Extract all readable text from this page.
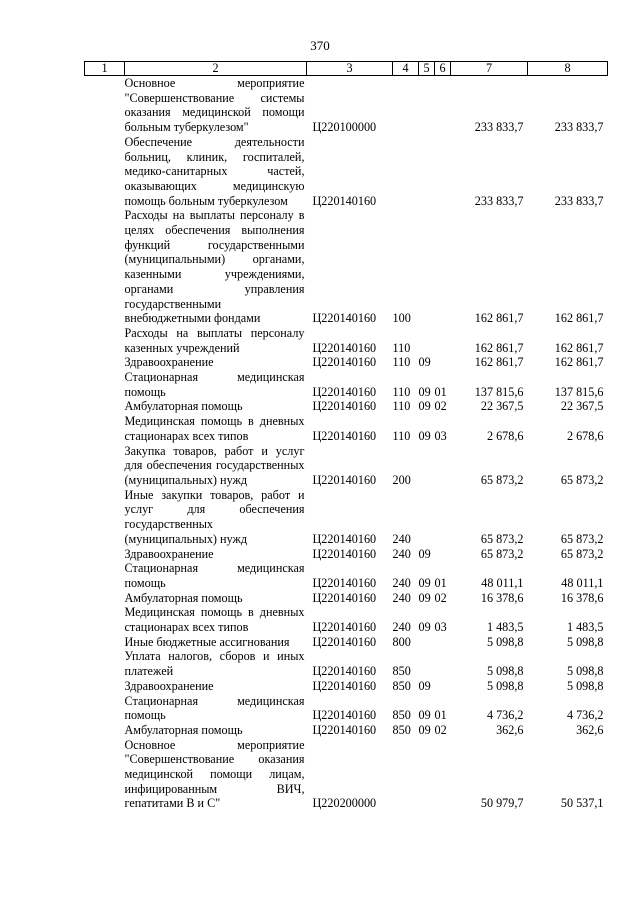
370
1	2	3	4	5	6	7	8
Основное мероприятие "Совершенствование системы оказания медицинской помощи больным туберкулезом"		Ц220100000				233 833,7	233 833,7
Обеспечение деятельности больниц, клиник, госпиталей, медико-санитарных частей, оказывающих медицинскую помощь больным туберкулезом		Ц220140160				233 833,7	233 833,7
Расходы на выплаты персоналу в целях обеспечения выполнения функций государственными (муниципальными) органами, казенными учреждениями, органами управления государственными внебюджетными фондами		Ц220140160	100			162 861,7	162 861,7
Расходы на выплаты персоналу казенных учреждений		Ц220140160	110			162 861,7	162 861,7
Здравоохранение		Ц220140160	110	09		162 861,7	162 861,7
Стационарная медицинская помощь		Ц220140160	110	09	01	137 815,6	137 815,6
Амбулаторная помощь		Ц220140160	110	09	02	22 367,5	22 367,5
Медицинская помощь в дневных стационарах всех типов		Ц220140160	110	09	03	2 678,6	2 678,6
Закупка товаров, работ и услуг для обеспечения государственных (муниципальных) нужд		Ц220140160	200			65 873,2	65 873,2
Иные закупки товаров, работ и услуг для обеспечения государственных (муниципальных) нужд		Ц220140160	240			65 873,2	65 873,2
Здравоохранение		Ц220140160	240	09		65 873,2	65 873,2
Стационарная медицинская помощь		Ц220140160	240	09	01	48 011,1	48 011,1
Амбулаторная помощь		Ц220140160	240	09	02	16 378,6	16 378,6
Медицинская помощь в дневных стационарах всех типов		Ц220140160	240	09	03	1 483,5	1 483,5
Иные бюджетные ассигнования		Ц220140160	800			5 098,8	5 098,8
Уплата налогов, сборов и иных платежей		Ц220140160	850			5 098,8	5 098,8
Здравоохранение		Ц220140160	850	09		5 098,8	5 098,8
Стационарная медицинская помощь		Ц220140160	850	09	01	4 736,2	4 736,2
Амбулаторная помощь		Ц220140160	850	09	02	362,6	362,6
Основное мероприятие "Совершенствование оказания медицинской помощи лицам, инфицированным ВИЧ, гепатитами В и С"		Ц220200000				50 979,7	50 537,1
